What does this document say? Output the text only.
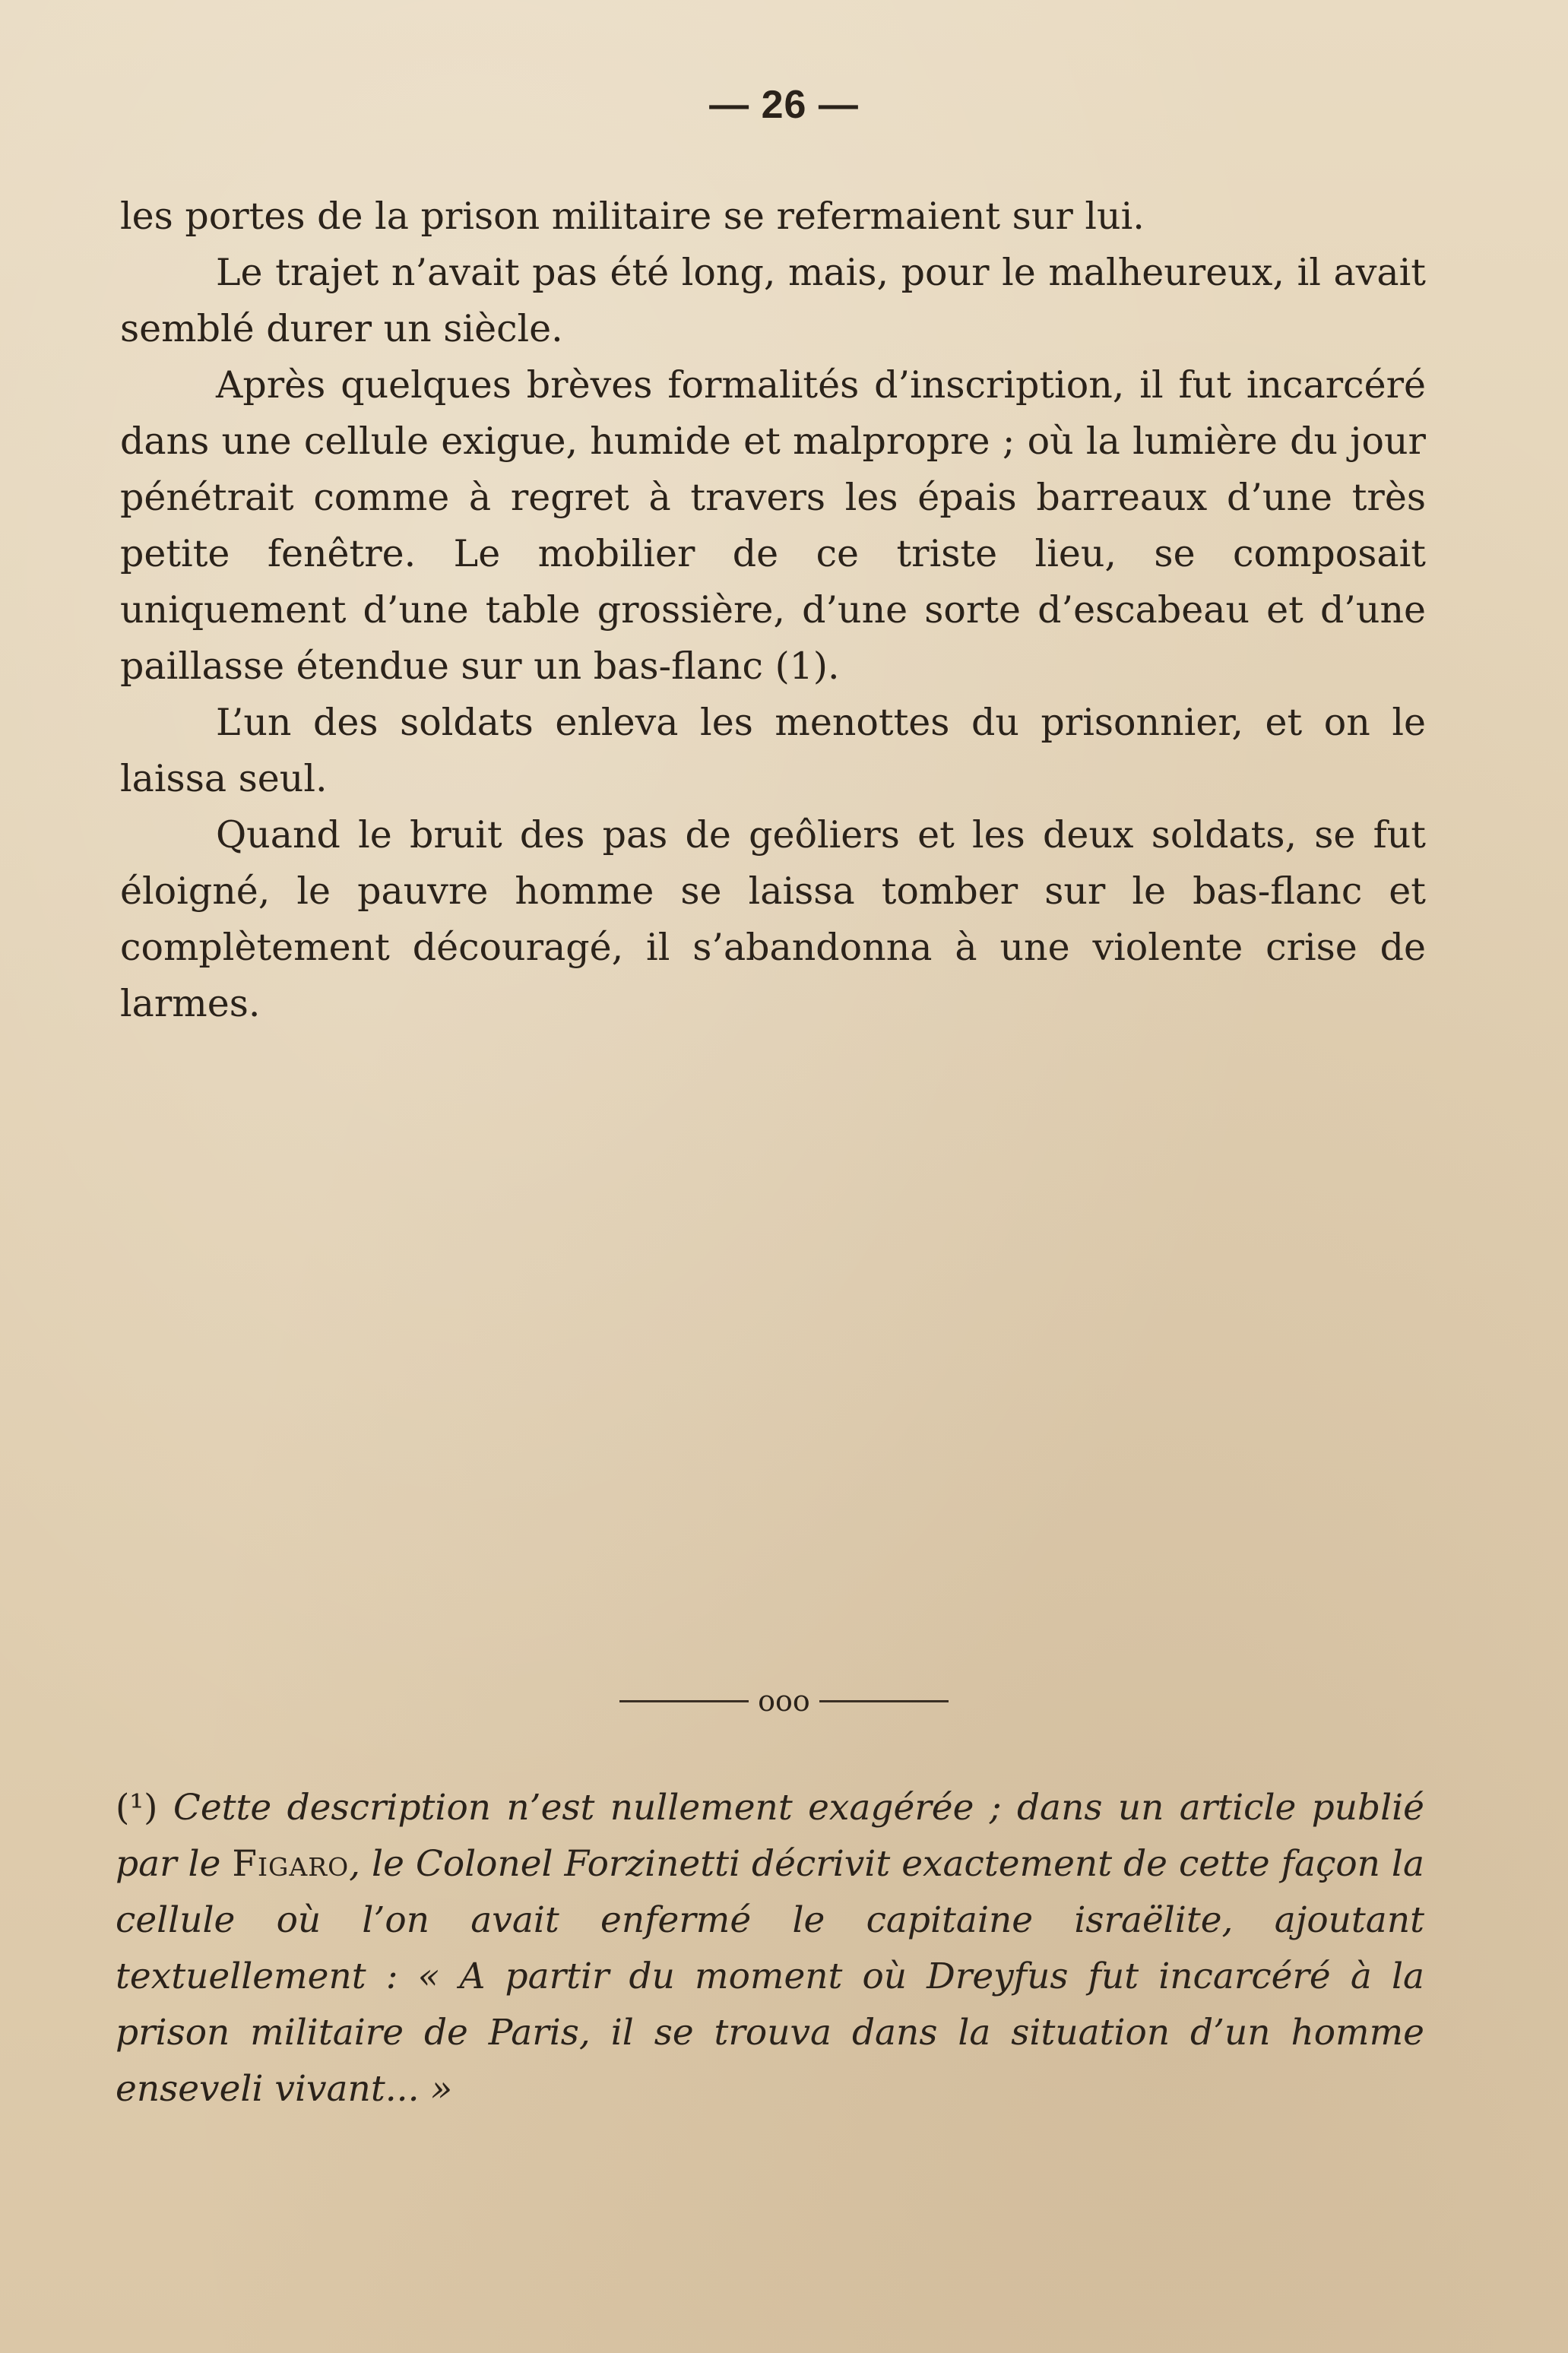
— 26 —

les portes de la prison militaire se refermaient sur lui.

Le trajet n’avait pas été long, mais, pour le malheureux, il avait semblé durer un siècle.

Après quelques brèves formalités d’inscription, il fut incarcéré dans une cellule exigue, humide et malpropre ; où la lumière du jour pénétrait comme à regret à travers les épais barreaux d’une très petite fenêtre. Le mobilier de ce triste lieu, se composait uniquement d’une table grossière, d’une sorte d’escabeau et d’une paillasse étendue sur un bas-flanc (1).

L’un des soldats enleva les menottes du prisonnier, et on le laissa seul.

Quand le bruit des pas de geôliers et les deux soldats, se fut éloigné, le pauvre homme se laissa tomber sur le bas-flanc et complètement découragé, il s’abandonna à une violente crise de larmes.

ooo
(¹) Cette description n’est nullement exagérée ; dans un article publié par le Figaro, le Colonel Forzinetti décrivit exactement de cette façon la cellule où l’on avait enfermé le capitaine israëlite, ajoutant textuellement : « A partir du moment où Dreyfus fut incarcéré à la prison militaire de Paris, il se trouva dans la situation d’un homme enseveli vivant... »
